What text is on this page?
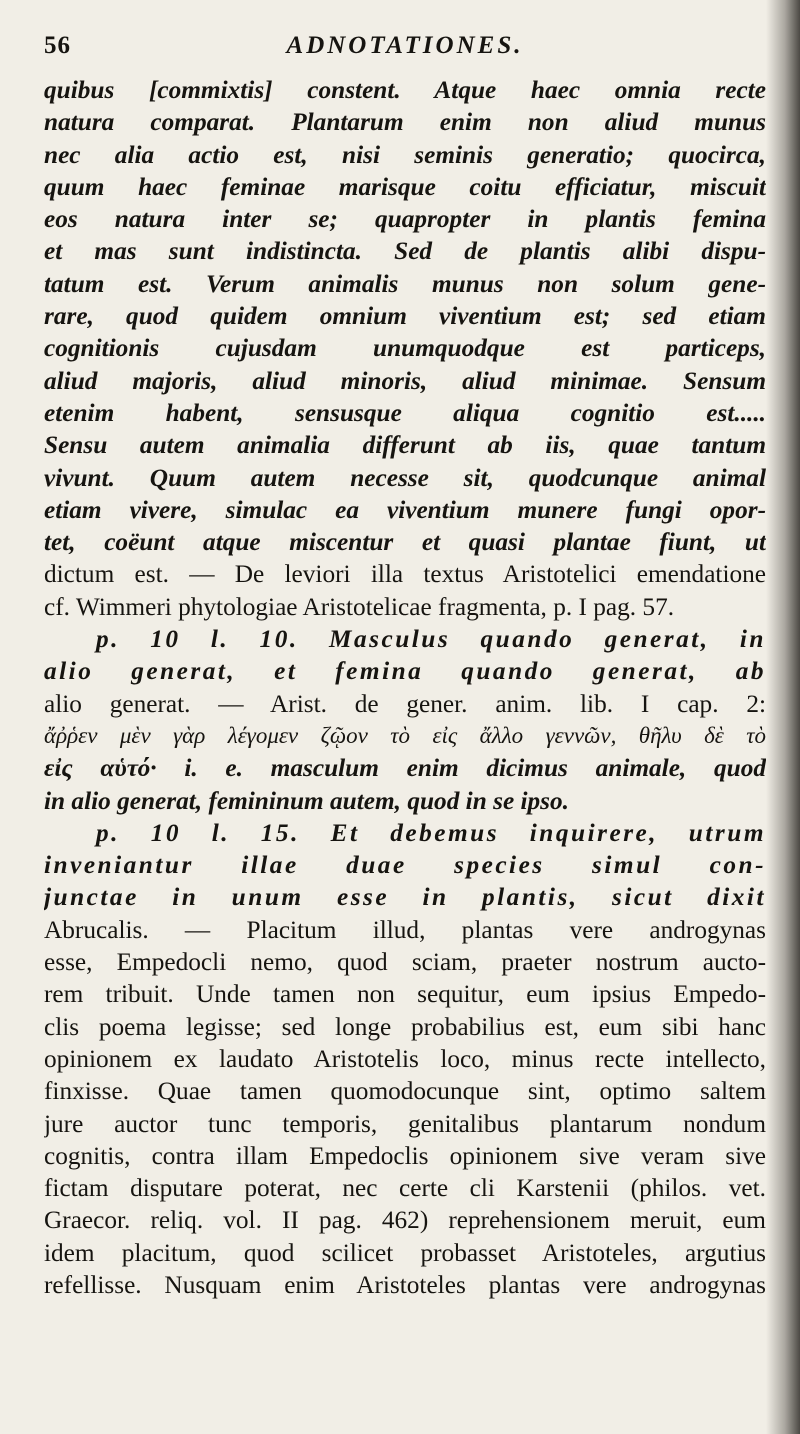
56	ADNOTATIONES.
quibus [commixtis] constent. Atque haec omnia recte
natura comparat. Plantarum enim non aliud munus
nec alia actio est, nisi seminis generatio; quocirca,
quum haec feminae marisque coitu efficiatur, miscuit
eos natura inter se; quapropter in plantis femina
et mas sunt indistincta. Sed de plantis alibi dispu-
tatum est. Verum animalis munus non solum gene-
rare, quod quidem omnium viventium est; sed etiam
cognitionis cujusdam unumquodque est particeps,
aliud majoris, aliud minoris, aliud minimae. Sensum
etenim habent, sensusque aliqua cognitio est.....
Sensu autem animalia differunt ab iis, quae tantum
vivunt. Quum autem necesse sit, quodcunque animal
etiam vivere, simulac ea viventium munere fungi opor-
tet, coëunt atque miscentur et quasi plantae fiunt, ut
dictum est. — De leviori illa textus Aristotelici emendatione
cf. Wimmeri phytologiae Aristotelicae fragmenta, p. I pag. 57.
p. 10 l. 10. Masculus quando generat, in
alio generat, et femina quando generat, ab
alio generat. — Arist. de gener. anim. lib. I cap. 2:
ἄῤῥεν μὲν γὰρ λέγομεν ζῷον τὸ εἰς ἄλλο γεννῶν, θῆλυ δὲ τὸ
εἰς αὑτό· i. e. masculum enim dicimus animale, quod
in alio generat, femininum autem, quod in se ipso.
p. 10 l. 15. Et debemus inquirere, utrum
inveniantur illae duae species simul con-
junctae in unum esse in plantis, sicut dixit
Abrucalis. — Placitum illud, plantas vere androgynas
esse, Empedocli nemo, quod sciam, praeter nostrum aucto-
rem tribuit. Unde tamen non sequitur, eum ipsius Empedo-
clis poema legisse; sed longe probabilius est, eum sibi hanc
opinionem ex laudato Aristotelis loco, minus recte intellecto,
finxisse. Quae tamen quomodocunque sint, optimo saltem
jure auctor tunc temporis, genitalibus plantarum nondum
cognitis, contra illam Empedoclis opinionem sive veram sive
fictam disputare poterat, nec certe cli Karstenii (philos. vet.
Graecor. reliq. vol. II pag. 462) reprehensionem meruit, eum
idem placitum, quod scilicet probasset Aristoteles, argutius
refellisse. Nusquam enim Aristoteles plantas vere androgynas
